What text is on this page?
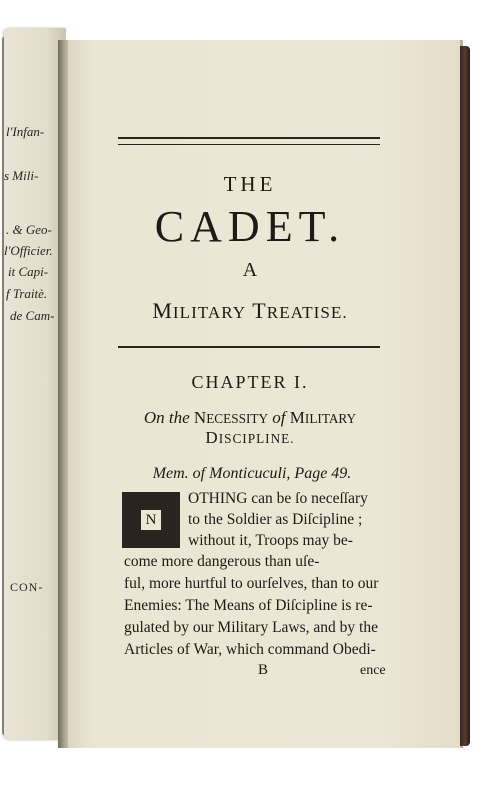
l'Infan-
s Mili-
. & Geo-
l'Officier.
it Capi-
f Traitè.
de Cam-
CON-
THE
CADET.
A
MILITARY TREATISE.
CHAPTER I.
On the NECESSITY of MILITARY
DISCIPLINE.
Mem. of Monticuculi, Page 49.
N
OTHING can be ſo neceſſary
to the Soldier as Diſcipline ;
without it, Troops may be-
come more dangerous than uſe-
ful, more hurtful to ourſelves, than to our
Enemies: The Means of Diſcipline is re-
gulated by our Military Laws, and by the
Articles of War, which command Obedi-
B	ence
